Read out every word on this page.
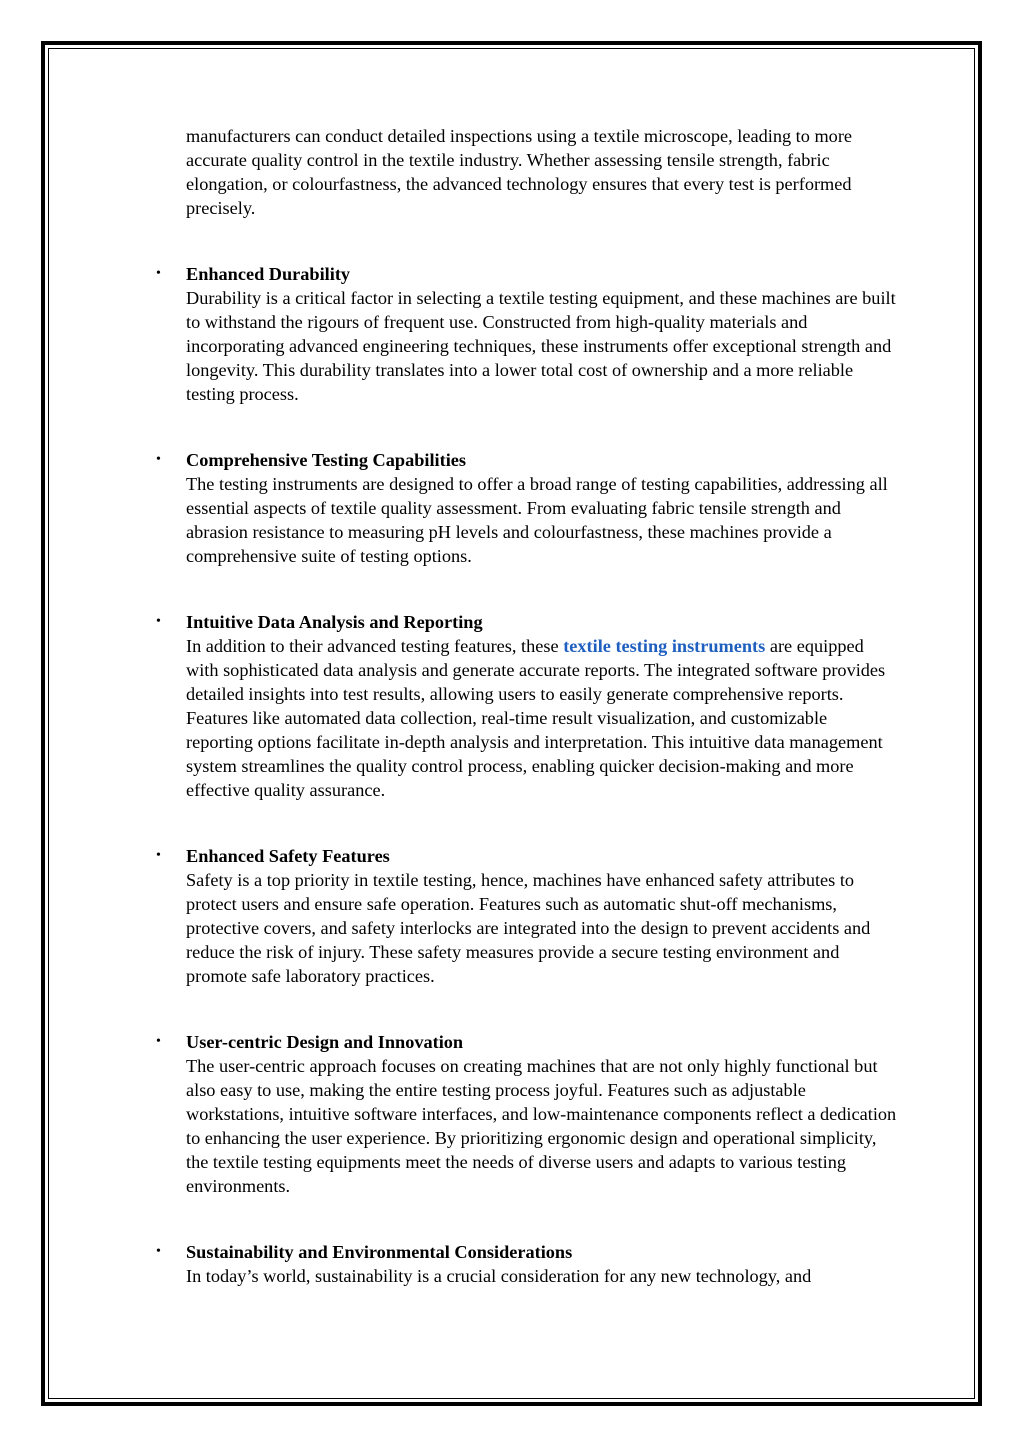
manufacturers can conduct detailed inspections using a textile microscope, leading to more accurate quality control in the textile industry. Whether assessing tensile strength, fabric elongation, or colourfastness, the advanced technology ensures that every test is performed precisely.

• Enhanced Durability

Durability is a critical factor in selecting a textile testing equipment, and these machines are built to withstand the rigours of frequent use. Constructed from high-quality materials and incorporating advanced engineering techniques, these instruments offer exceptional strength and longevity. This durability translates into a lower total cost of ownership and a more reliable testing process.

• Comprehensive Testing Capabilities

The testing instruments are designed to offer a broad range of testing capabilities, addressing all essential aspects of textile quality assessment. From evaluating fabric tensile strength and abrasion resistance to measuring pH levels and colourfastness, these machines provide a comprehensive suite of testing options.

• Intuitive Data Analysis and Reporting

In addition to their advanced testing features, these textile testing instruments are equipped with sophisticated data analysis and generate accurate reports. The integrated software provides detailed insights into test results, allowing users to easily generate comprehensive reports. Features like automated data collection, real-time result visualization, and customizable reporting options facilitate in-depth analysis and interpretation. This intuitive data management system streamlines the quality control process, enabling quicker decision-making and more effective quality assurance.

• Enhanced Safety Features

Safety is a top priority in textile testing, hence, machines have enhanced safety attributes to protect users and ensure safe operation. Features such as automatic shut-off mechanisms, protective covers, and safety interlocks are integrated into the design to prevent accidents and reduce the risk of injury. These safety measures provide a secure testing environment and promote safe laboratory practices.

• User-centric Design and Innovation

The user-centric approach focuses on creating machines that are not only highly functional but also easy to use, making the entire testing process joyful. Features such as adjustable workstations, intuitive software interfaces, and low-maintenance components reflect a dedication to enhancing the user experience. By prioritizing ergonomic design and operational simplicity, the textile testing equipments meet the needs of diverse users and adapts to various testing environments.

• Sustainability and Environmental Considerations

In today’s world, sustainability is a crucial consideration for any new technology, and
